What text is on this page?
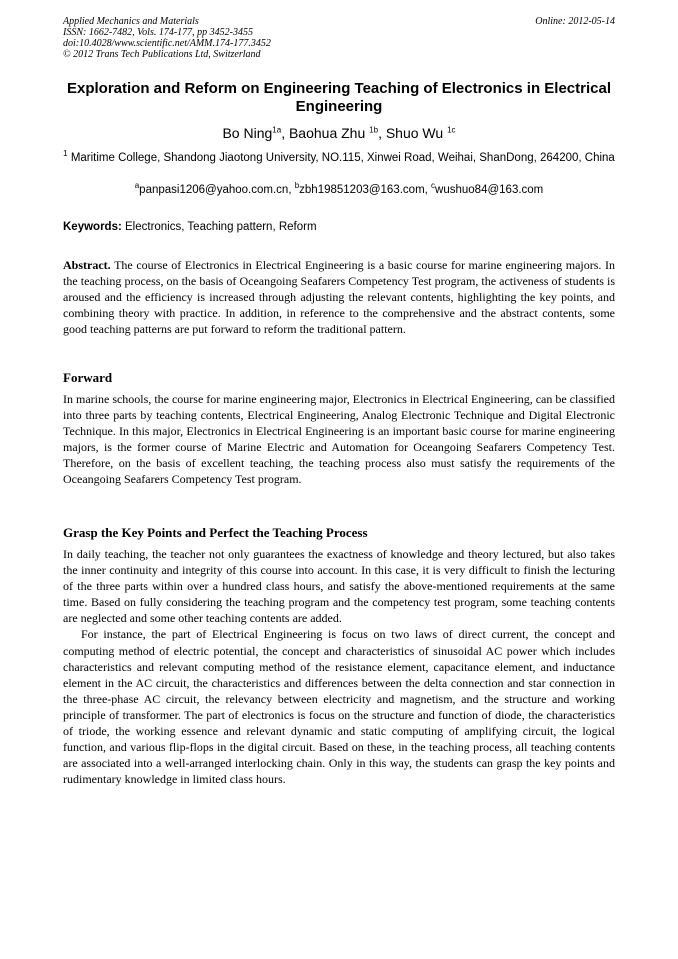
Applied Mechanics and Materials
ISSN: 1662-7482, Vols. 174-177, pp 3452-3455
doi:10.4028/www.scientific.net/AMM.174-177.3452
© 2012 Trans Tech Publications Ltd, Switzerland
Online: 2012-05-14
Exploration and Reform on Engineering Teaching of Electronics in Electrical Engineering
Bo Ning$^{1a}$, Baohua Zhu $^{1b}$, Shuo Wu $^{1c}$
$^1$ Maritime College, Shandong Jiaotong University, NO.115, Xinwei Road, Weihai, ShanDong, 264200, China
$^a$panpasi1206@yahoo.com.cn, $^b$zbh19851203@163.com, $^c$wushuo84@163.com
Keywords: Electronics, Teaching pattern, Reform

Abstract. The course of Electronics in Electrical Engineering is a basic course for marine engineering majors. In the teaching process, on the basis of Oceangoing Seafarers Competency Test program, the activeness of students is aroused and the efficiency is increased through adjusting the relevant contents, highlighting the key points, and combining theory with practice. In addition, in reference to the comprehensive and the abstract contents, some good teaching patterns are put forward to reform the traditional pattern.

Forward

In marine schools, the course for marine engineering major, Electronics in Electrical Engineering, can be classified into three parts by teaching contents, Electrical Engineering, Analog Electronic Technique and Digital Electronic Technique. In this major, Electronics in Electrical Engineering is an important basic course for marine engineering majors, is the former course of Marine Electric and Automation for Oceangoing Seafarers Competency Test. Therefore, on the basis of excellent teaching, the teaching process also must satisfy the requirements of the Oceangoing Seafarers Competency Test program.

Grasp the Key Points and Perfect the Teaching Process

In daily teaching, the teacher not only guarantees the exactness of knowledge and theory lectured, but also takes the inner continuity and integrity of this course into account. In this case, it is very difficult to finish the lecturing of the three parts within over a hundred class hours, and satisfy the above-mentioned requirements at the same time. Based on fully considering the teaching program and the competency test program, some teaching contents are neglected and some other teaching contents are added.

For instance, the part of Electrical Engineering is focus on two laws of direct current, the concept and computing method of electric potential, the concept and characteristics of sinusoidal AC power which includes characteristics and relevant computing method of the resistance element, capacitance element, and inductance element in the AC circuit, the characteristics and differences between the delta connection and star connection in the three-phase AC circuit, the relevancy between electricity and magnetism, and the structure and working principle of transformer. The part of electronics is focus on the structure and function of diode, the characteristics of triode, the working essence and relevant dynamic and static computing of amplifying circuit, the logical function, and various flip-flops in the digital circuit. Based on these, in the teaching process, all teaching contents are associated into a well-arranged interlocking chain. Only in this way, the students can grasp the key points and rudimentary knowledge in limited class hours.
